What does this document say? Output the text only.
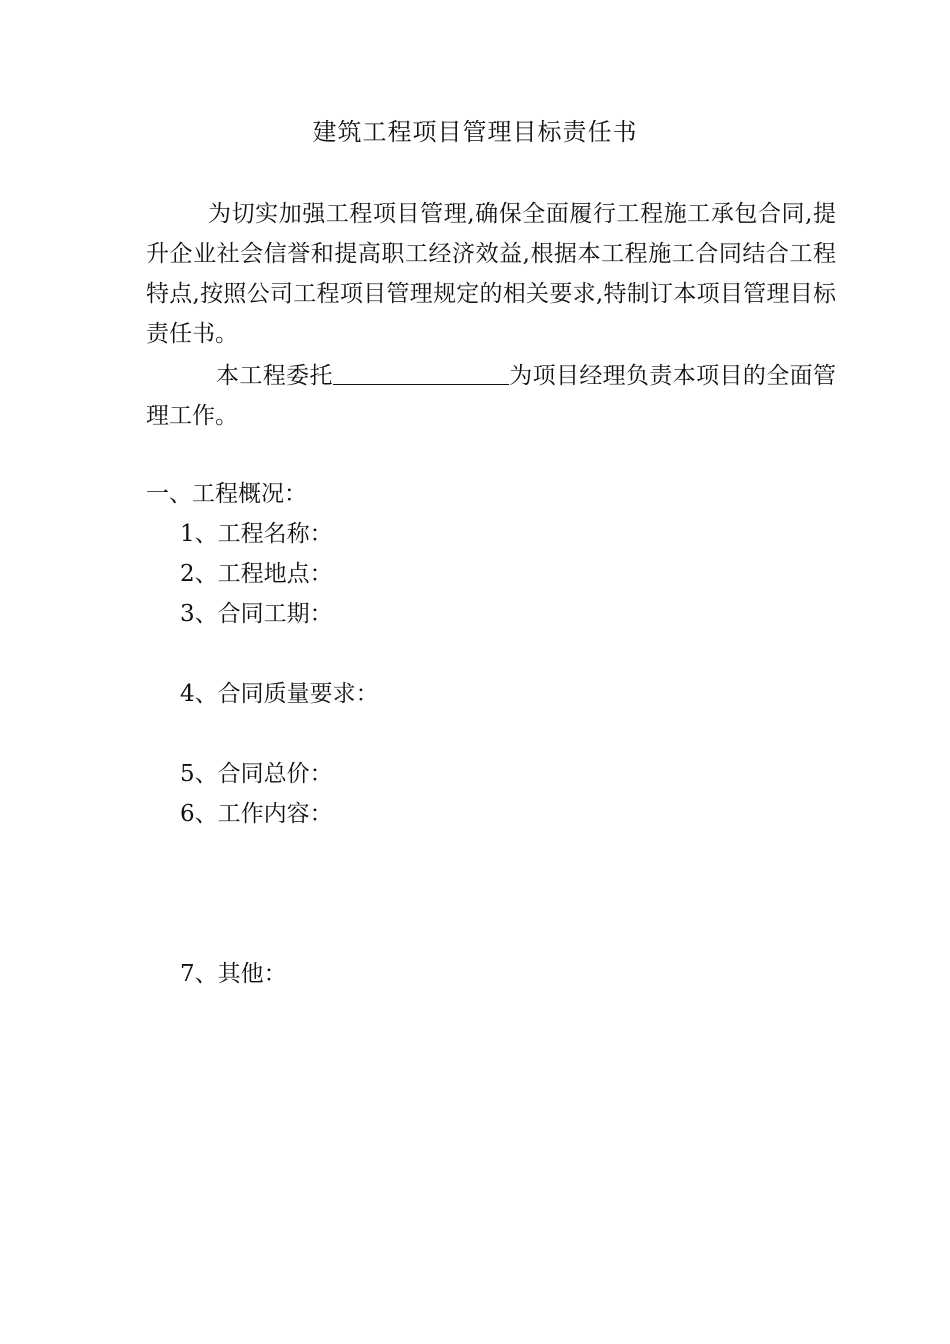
建筑工程项目管理目标责任书
为切实加强工程项目管理,确保全面履行工程施工承包合同,提升企业社会信誉和提高职工经济效益,根据本工程施工合同结合工程特点,按照公司工程项目管理规定的相关要求,特制订本项目管理目标责任书。
本工程委托	为项目经理负责本项目的全面管理工作。
一、工程概况：
1、工程名称：
2、工程地点：
3、合同工期：
4、合同质量要求：
5、合同总价：
6、工作内容：
7、其他：
